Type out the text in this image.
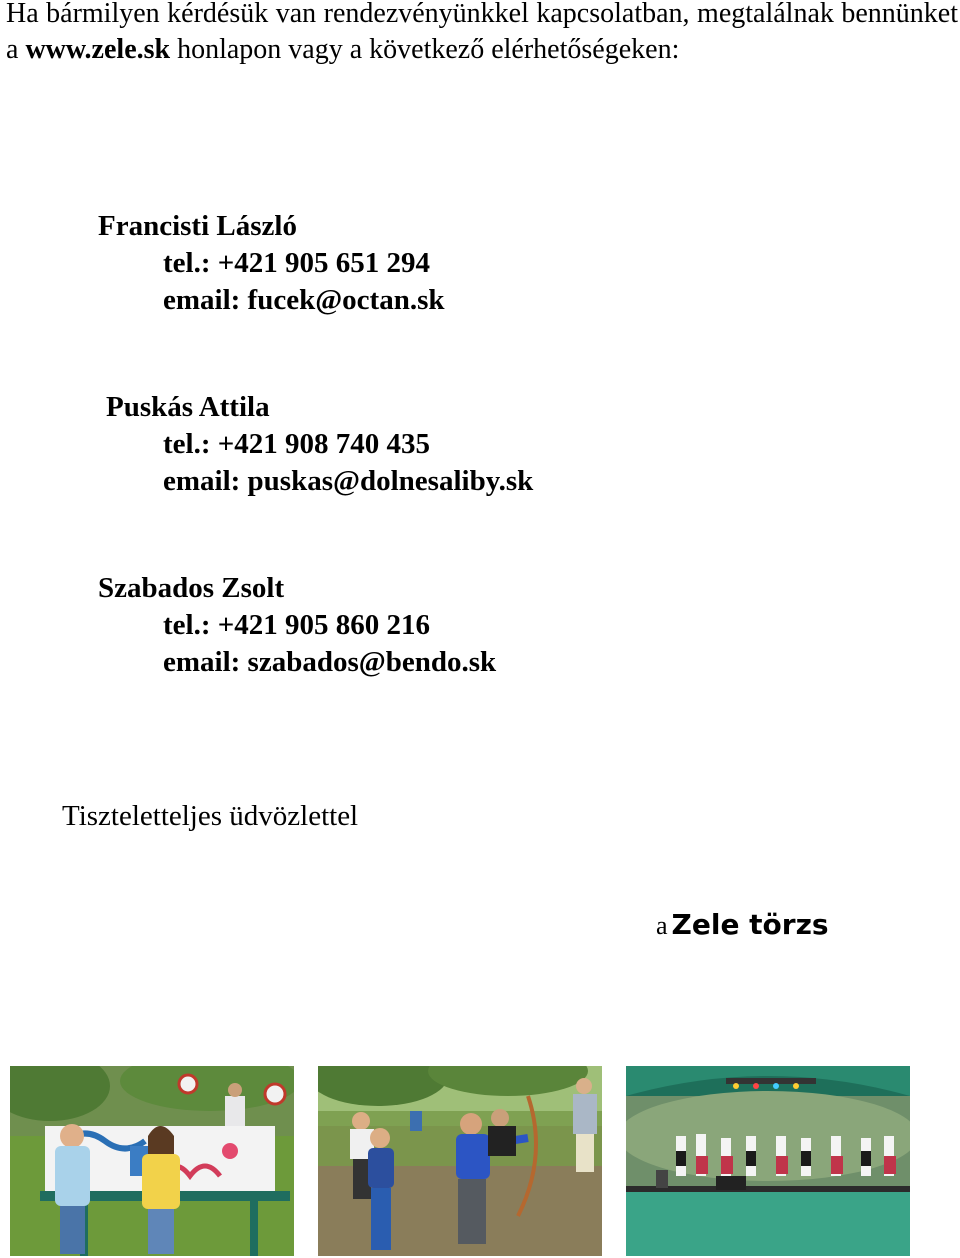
Ha bármilyen kérdésük van rendezvényünkkel kapcsolatban, megtalálnak bennünket a www.zele.sk honlapon vagy a következő elérhetőségeken:

Francisti László
tel.: +421 905 651 294
email: fucek@octan.sk
Puskás Attila
tel.: +421 908 740 435
email: puskas@dolnesaliby.sk
Szabados Zsolt
tel.: +421 905 860 216
email: szabados@bendo.sk
Tiszteletteljes üdvözlettel
a Zele törzs
